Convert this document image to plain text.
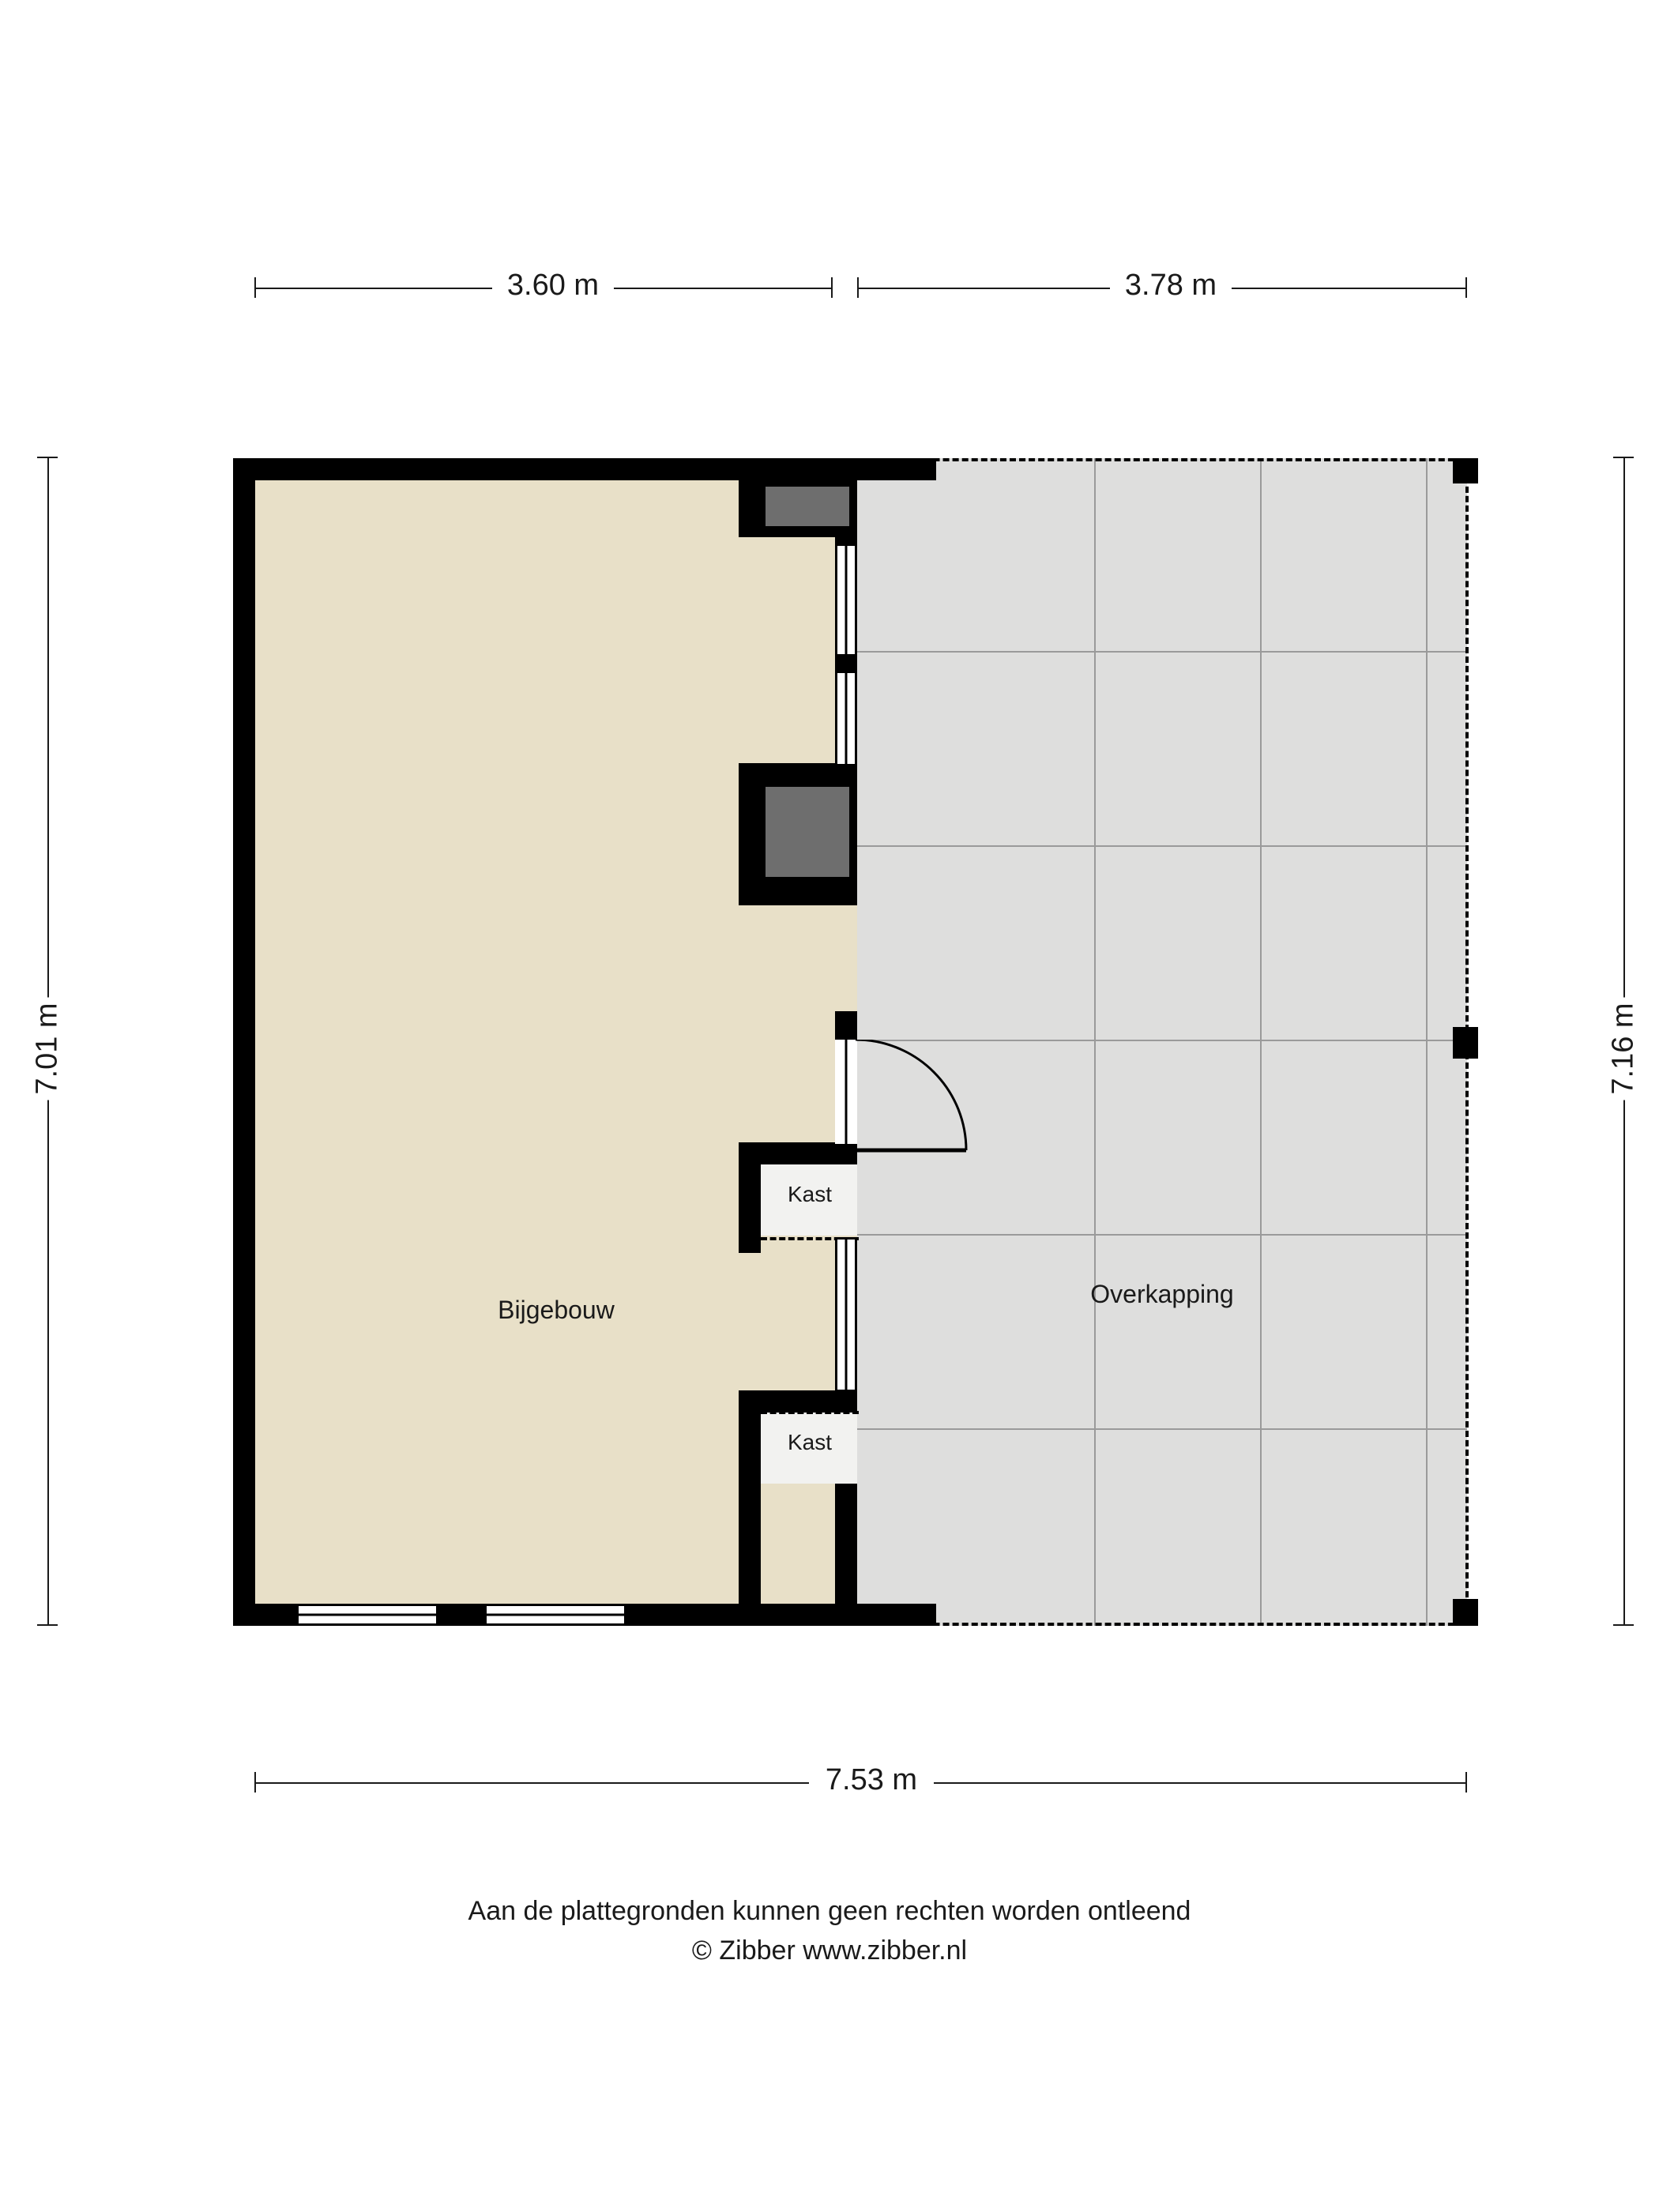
3.60 m	3.78 m
7.01 m	7.16 m
7.53 m
Bijgebouw
Overkapping
Kast
Kast
Aan de plattegronden kunnen geen rechten worden ontleend
© Zibber www.zibber.nl
